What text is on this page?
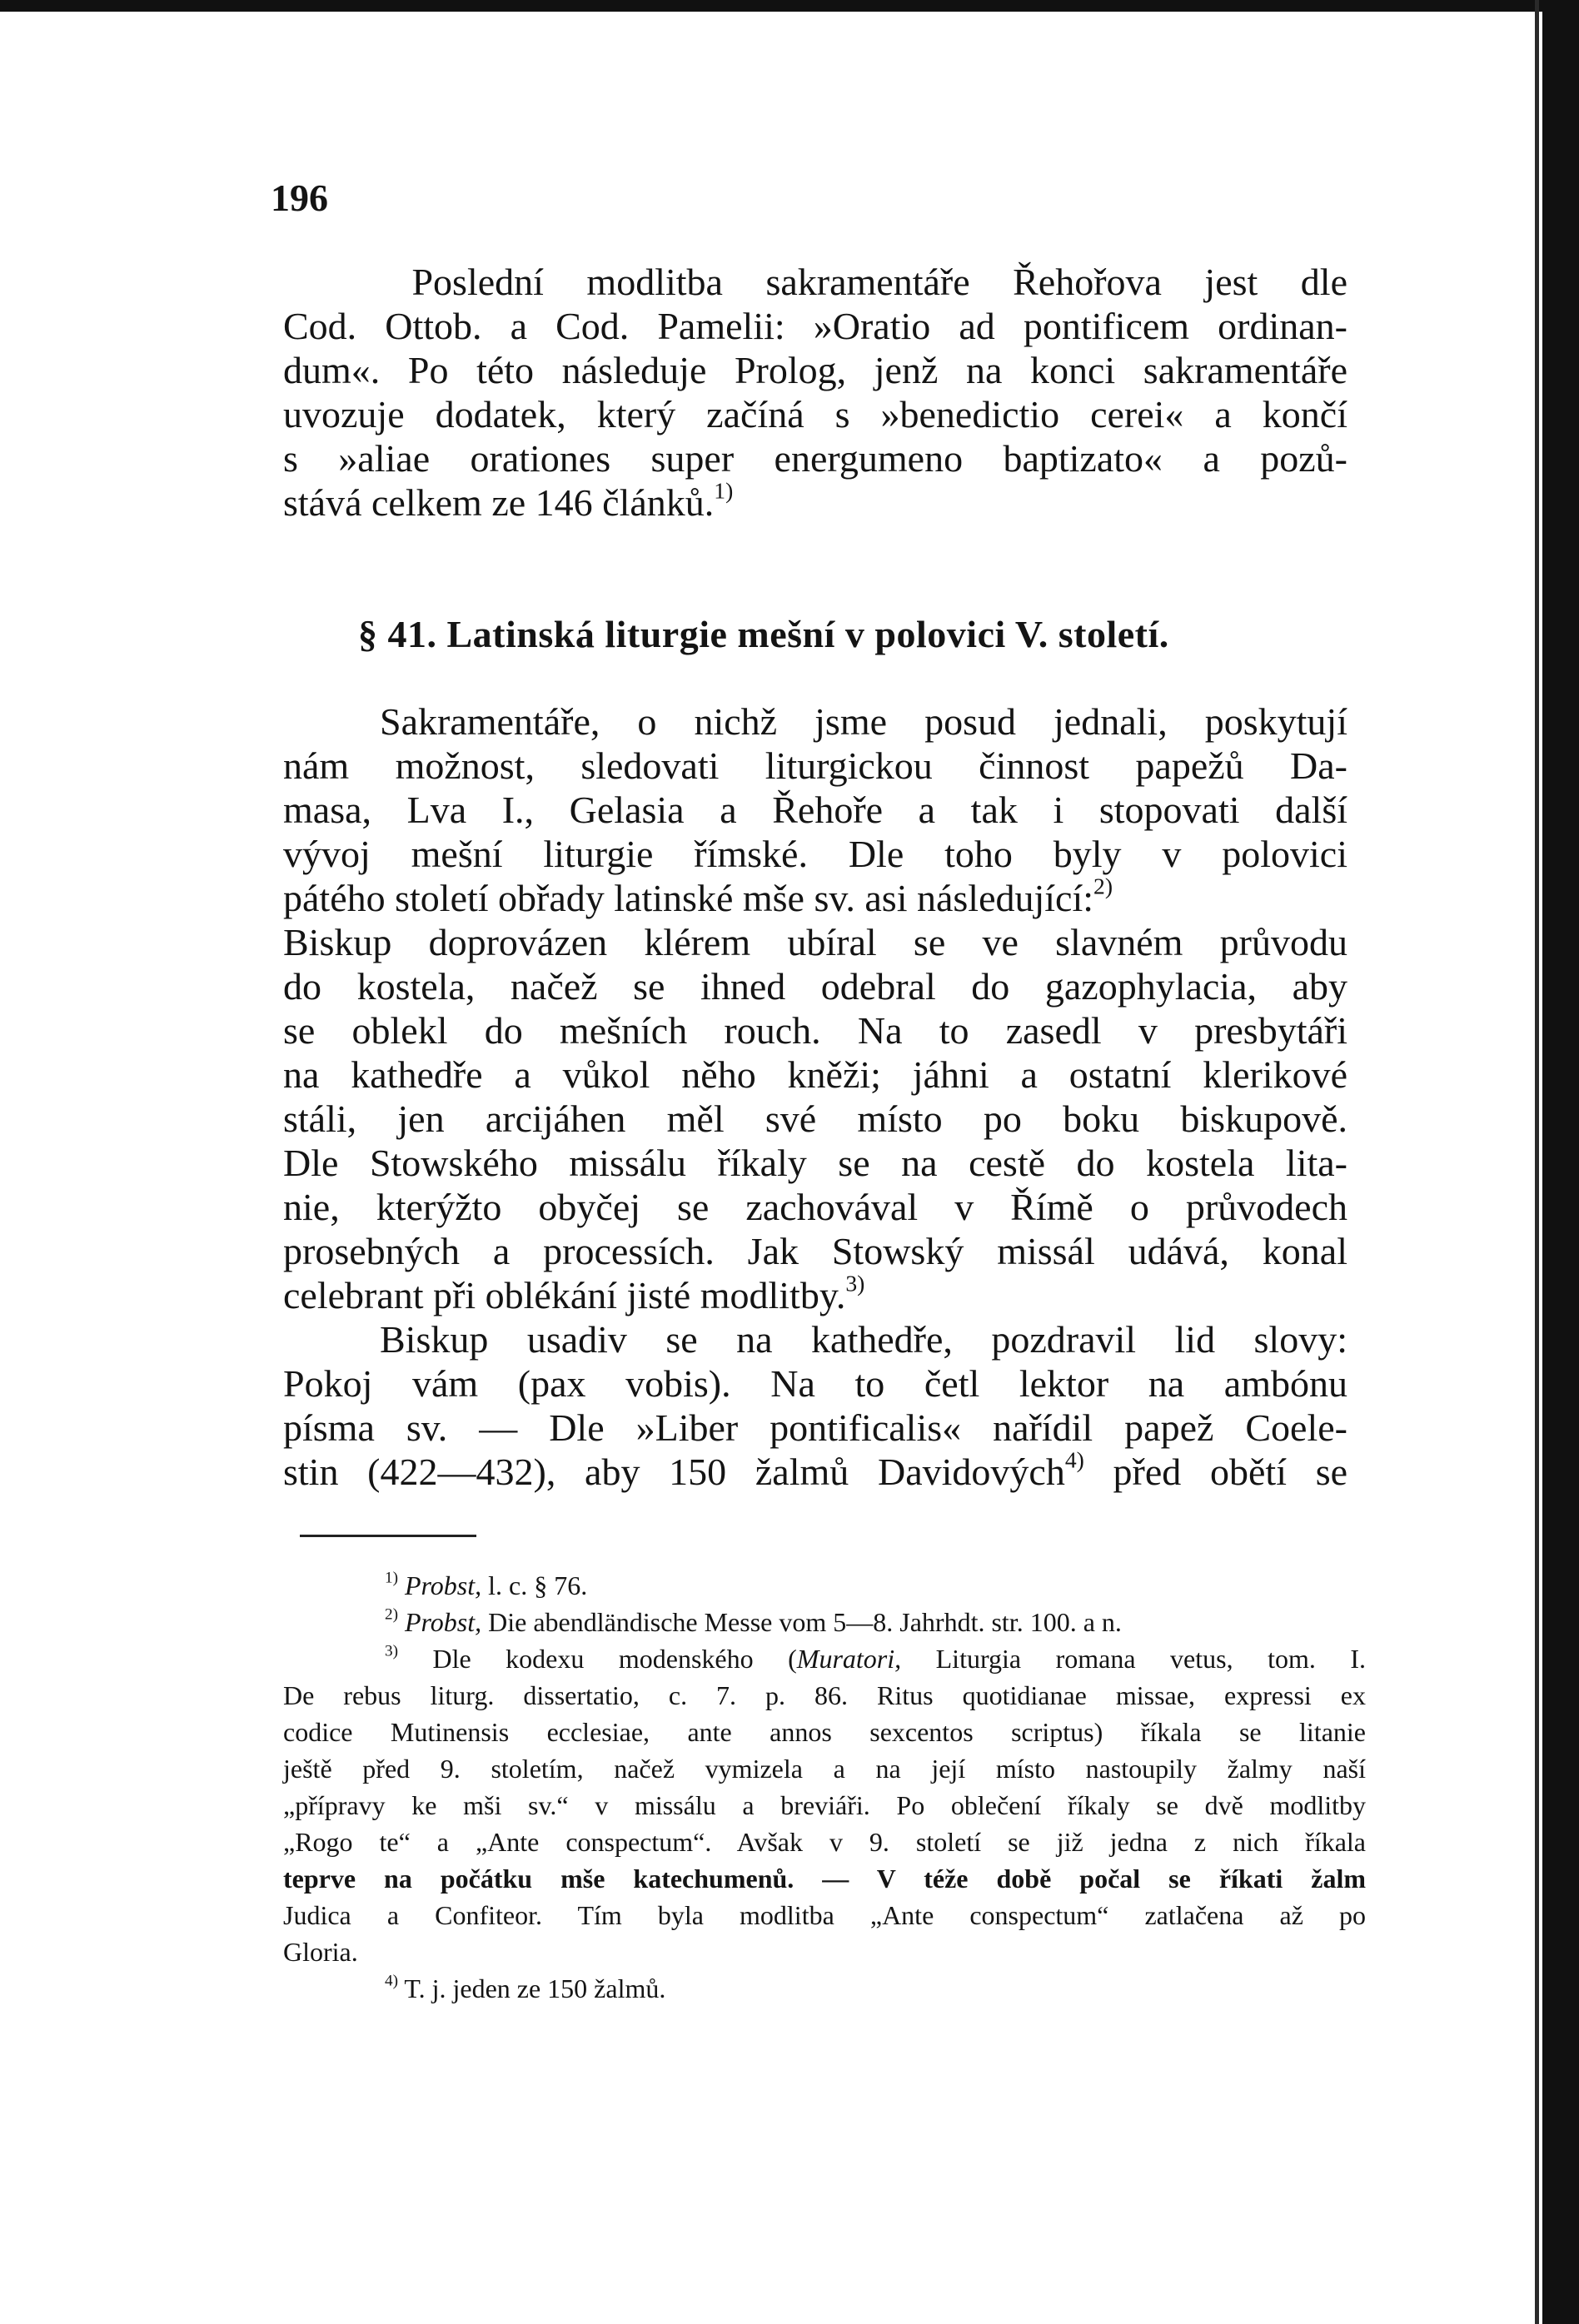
196
Poslední modlitba sakramentáře Řehořova jest dle
Cod. Ottob. a Cod. Pamelii: »Oratio ad pontificem ordinan-
dum«. Po této následuje Prolog, jenž na konci sakramentáře
uvozuje dodatek, který začíná s »benedictio cerei« a končí
s »aliae orationes super energumeno baptizato« a pozů-
stává celkem ze 146 článků.$^{1)}$
§ 41. Latinská liturgie mešní v polovici V. století.
Sakramentáře, o nichž jsme posud jednali, poskytují
nám možnost, sledovati liturgickou činnost papežů Da-
masa, Lva I., Gelasia a Řehoře a tak i stopovati další
vývoj mešní liturgie římské. Dle toho byly v polovici
pátého století obřady latinské mše sv. asi následující:$^{2)}$
Biskup doprovázen klérem ubíral se ve slavném průvodu
do kostela, načež se ihned odebral do gazophylacia, aby
se oblekl do mešních rouch. Na to zasedl v presbytáři
na kathedře a vůkol něho kněži; jáhni a ostatní klerikové
stáli, jen arcijáhen měl své místo po boku biskupově.
Dle Stowského missálu říkaly se na cestě do kostela lita-
nie, kterýžto obyčej se zachovával v Římě o průvodech
prosebných a processích. Jak Stowský missál udává, konal
celebrant při oblékání jisté modlitby.$^{3)}$
Biskup usadiv se na kathedře, pozdravil lid slovy:
Pokoj vám (pax vobis). Na to četl lektor na ambónu
písma sv. — Dle »Liber pontificalis« nařídil papež Coele-
stin (422—432), aby 150 žalmů Davidových$^{4)}$ před obětí se
$^{1)}$ Probst, l. c. § 76.
$^{2)}$ Probst, Die abendländische Messe vom 5—8. Jahrhdt. str. 100. a n.
$^{3)}$ Dle kodexu modenského (Muratori, Liturgia romana vetus, tom. I.
De rebus liturg. dissertatio, c. 7. p. 86. Ritus quotidianae missae, expressi ex
codice Mutinensis ecclesiae, ante annos sexcentos scriptus) říkala se litanie
ještě před 9. stoletím, načež vymizela a na její místo nastoupily žalmy naší
„přípravy ke mši sv.“ v missálu a breviáři. Po oblečení říkaly se dvě modlitby
„Rogo te“ a „Ante conspectum“. Avšak v 9. století se již jedna z nich říkala
teprve na počátku mše katechumenů. — V téže době počal se říkati žalm
Judica a Confiteor. Tím byla modlitba „Ante conspectum“ zatlačena až po
Gloria.
$^{4)}$ T. j. jeden ze 150 žalmů.
